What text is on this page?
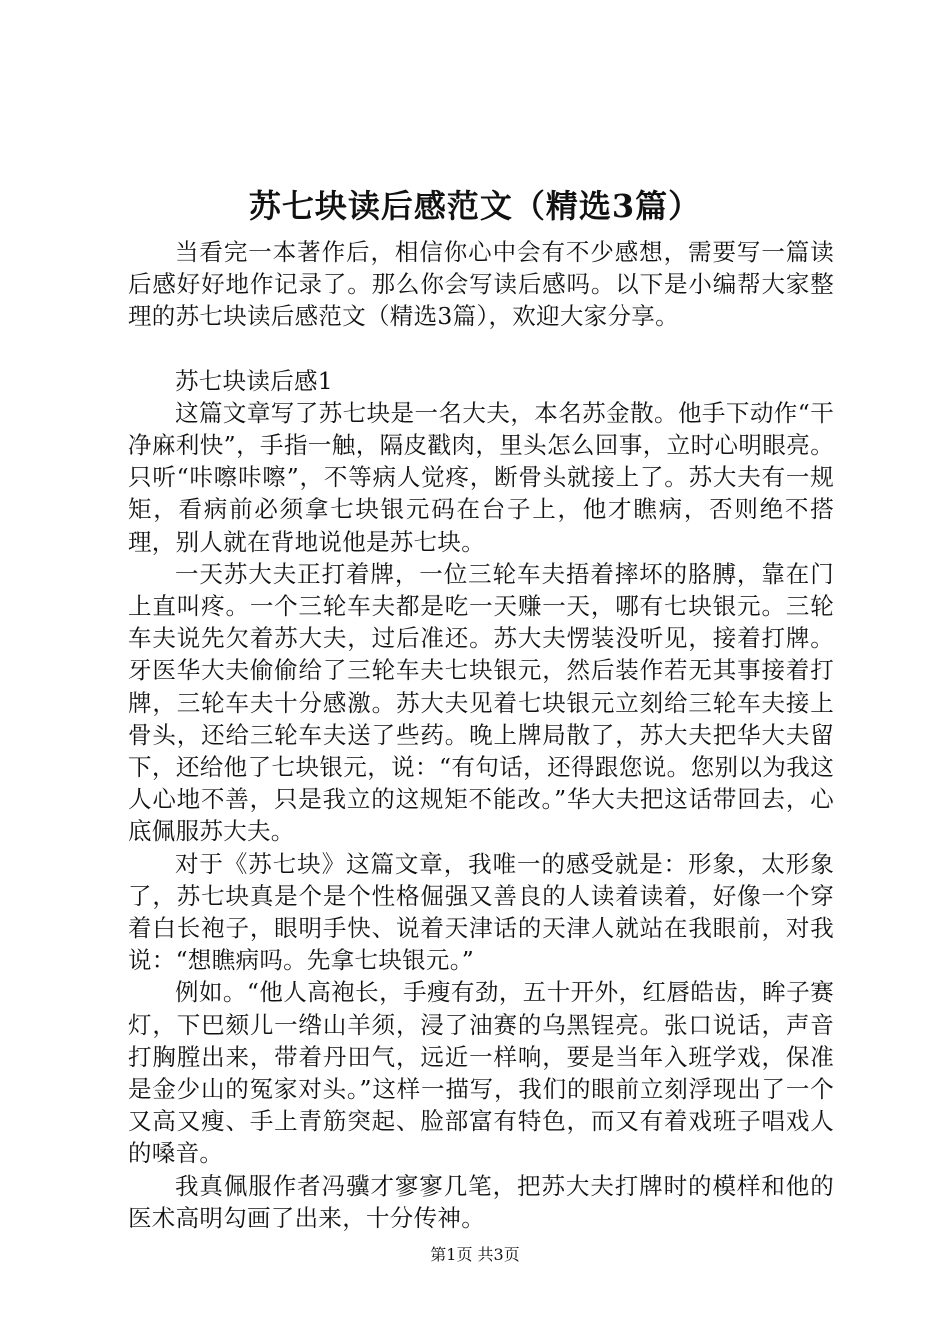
苏七块读后感范文（精选3篇）

当看完一本著作后，相信你心中会有不少感想，需要写一篇读后感好好地作记录了。那么你会写读后感吗。以下是小编帮大家整理的苏七块读后感范文（精选3篇），欢迎大家分享。

苏七块读后感1

这篇文章写了苏七块是一名大夫，本名苏金散。他手下动作“干净麻利快”，手指一触，隔皮戳肉，里头怎么回事，立时心明眼亮。只听“咔嚓咔嚓”，不等病人觉疼，断骨头就接上了。苏大夫有一规矩，看病前必须拿七块银元码在台子上，他才瞧病，否则绝不搭理，别人就在背地说他是苏七块。

一天苏大夫正打着牌，一位三轮车夫捂着摔坏的胳膊，靠在门上直叫疼。一个三轮车夫都是吃一天赚一天，哪有七块银元。三轮车夫说先欠着苏大夫，过后准还。苏大夫愣装没听见，接着打牌。牙医华大夫偷偷给了三轮车夫七块银元，然后装作若无其事接着打牌，三轮车夫十分感激。苏大夫见着七块银元立刻给三轮车夫接上骨头，还给三轮车夫送了些药。晚上牌局散了，苏大夫把华大夫留下，还给他了七块银元，说：“有句话，还得跟您说。您别以为我这人心地不善，只是我立的这规矩不能改。”华大夫把这话带回去，心底佩服苏大夫。

对于《苏七块》这篇文章，我唯一的感受就是：形象，太形象了，苏七块真是个是个性格倔强又善良的人读着读着，好像一个穿着白长袍子，眼明手快、说着天津话的天津人就站在我眼前，对我说：“想瞧病吗。先拿七块银元。”

例如。“他人高袍长，手瘦有劲，五十开外，红唇皓齿，眸子赛灯，下巴颏儿一绺山羊须，浸了油赛的乌黑锃亮。张口说话，声音打胸膛出来，带着丹田气，远近一样响，要是当年入班学戏，保准是金少山的冤家对头。”这样一描写，我们的眼前立刻浮现出了一个又高又瘦、手上青筋突起、脸部富有特色，而又有着戏班子唱戏人的嗓音。

我真佩服作者冯骥才寥寥几笔，把苏大夫打牌时的模样和他的医术高明勾画了出来，十分传神。

第1页 共3页
